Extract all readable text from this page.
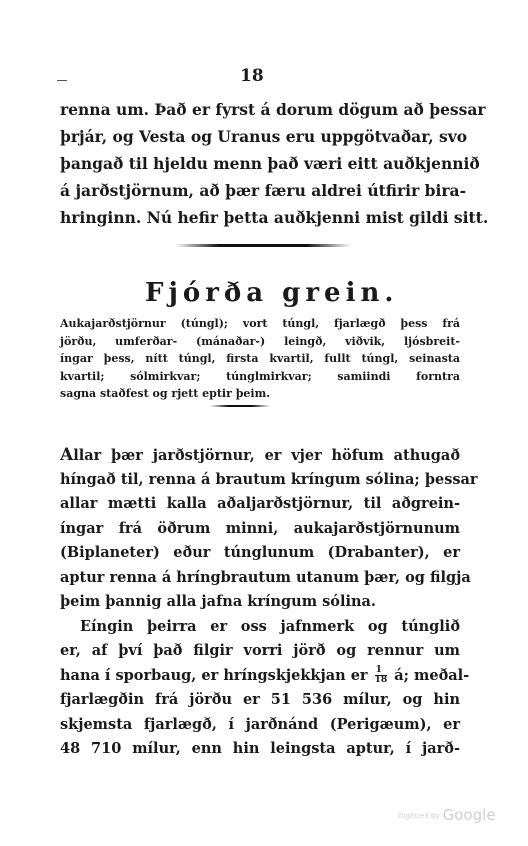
18
renna um. Það er fyrst á dorum dögum að þessar
þrjár, og Vesta og Uranus eru uppgötvaðar, svo
þangað til hjeldu menn það væri eitt auðkjennið
á jarðstjörnum, að þær færu aldrei útfirir bira-
hringinn. Nú hefir þetta auðkjenni mist gildi sitt.
Fjórða grein.
Aukajarðstjörnur (túngl); vort túngl, fjarlægð þess frá
jörðu, umferðar- (mánaðar-) leingð, viðvik, ljósbreit-
íngar þess, nítt túngl, firsta kvartil, fullt túngl, seinasta
kvartil; sólmirkvar; túnglmirkvar; samiindi forntra
sagna staðfest og rjett eptir þeim.
Allar þær jarðstjörnur, er vjer höfum athugað
híngað til, renna á brautum kríngum sólina; þessar
allar mætti kalla aðaljarðstjörnur, til aðgrein-
íngar frá öðrum minni, aukajarðstjörnunum
(Biplaneter) eður túnglunum (Drabanter), er
aptur renna á hríngbrautum utanum þær, og filgja
þeim þannig alla jafna kríngum sólina.
Eíngin þeirra er oss jafnmerk og túnglið
er, af því það filgir vorri jörð og rennur um
hana í sporbaug, er hríngskjekkjan er $\frac{1}{18}$ á; meðal-
fjarlægðin frá jörðu er 51 536 mílur, og hin
skjemsta fjarlægð, í jarðnánd (Perigæum), er
48 710 mílur, enn hin leingsta aptur, í jarð-
Digitized by Google
